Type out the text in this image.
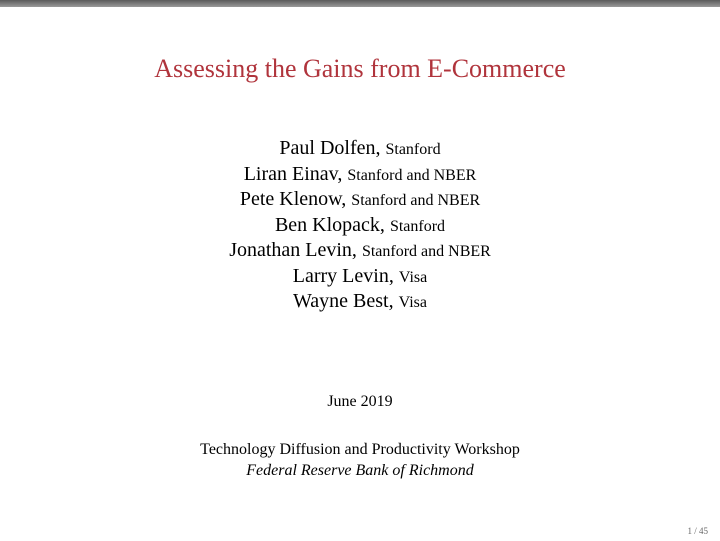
Assessing the Gains from E-Commerce
Paul Dolfen, Stanford
Liran Einav, Stanford and NBER
Pete Klenow, Stanford and NBER
Ben Klopack, Stanford
Jonathan Levin, Stanford and NBER
Larry Levin, Visa
Wayne Best, Visa
June 2019
Technology Diffusion and Productivity Workshop
Federal Reserve Bank of Richmond
1 / 45
